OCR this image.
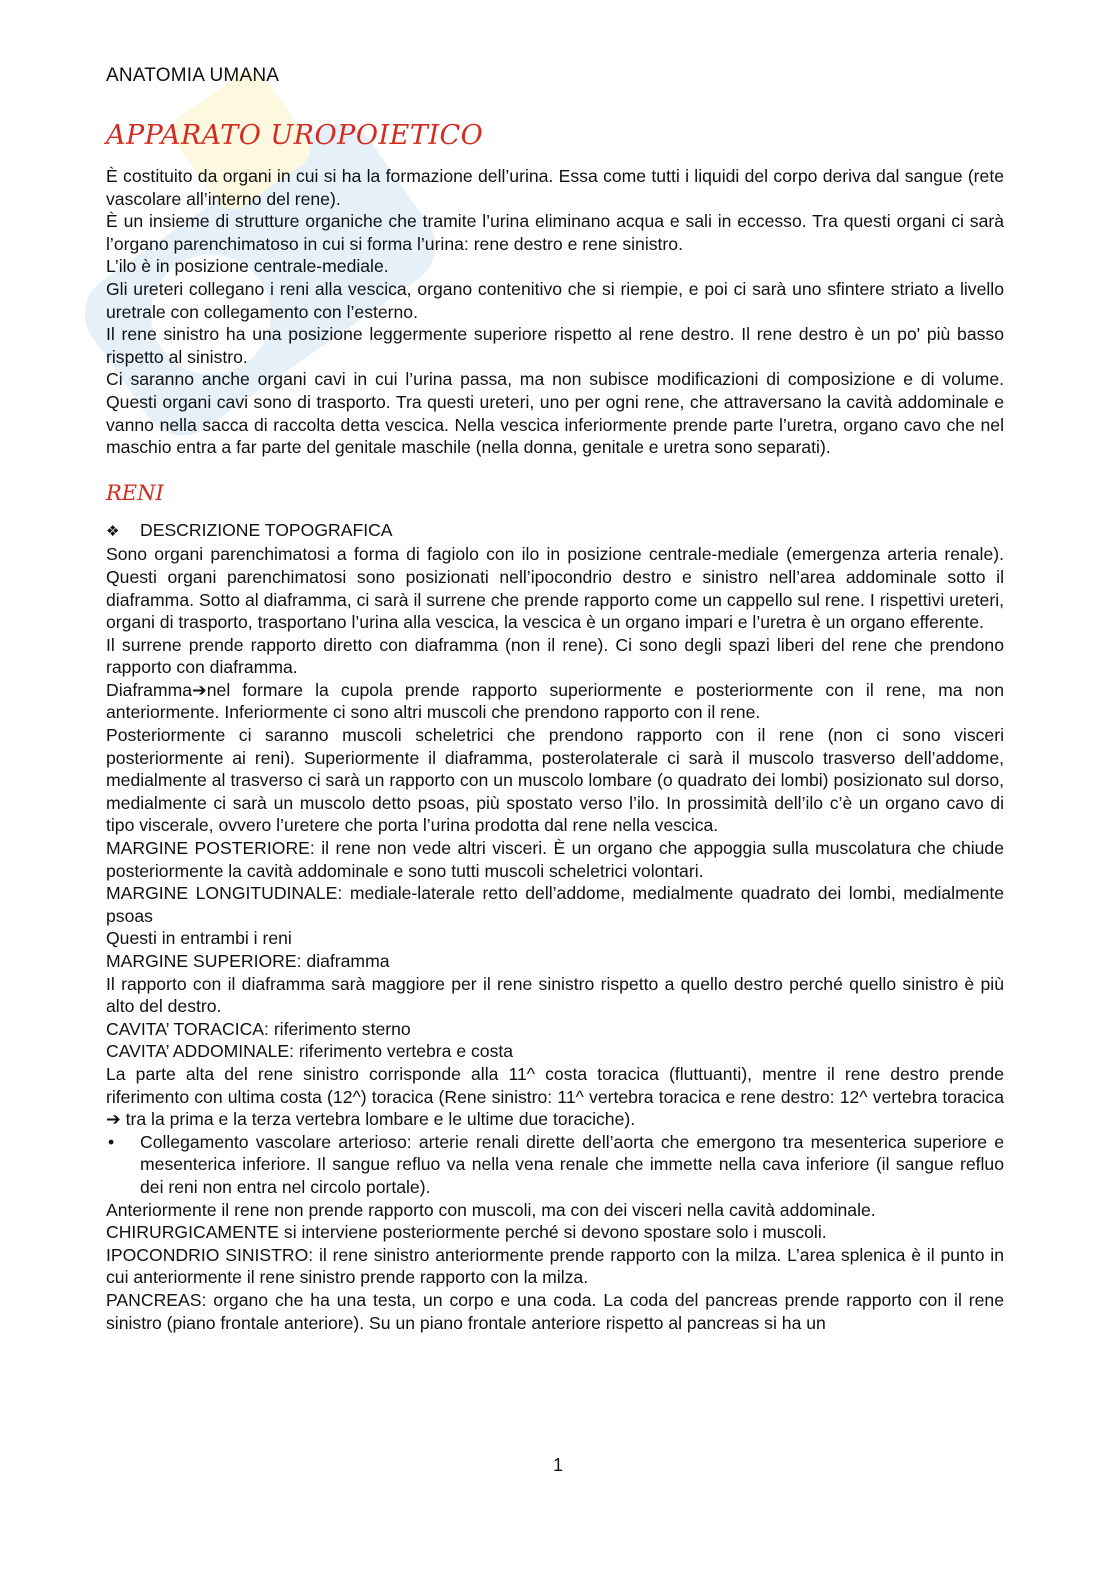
ANATOMIA UMANA
APPARATO UROPOIETICO

È costituito da organi in cui si ha la formazione dell’urina. Essa come tutti i liquidi del corpo deriva dal sangue (rete vascolare all’interno del rene).

È un insieme di strutture organiche che tramite l’urina eliminano acqua e sali in eccesso. Tra questi organi ci sarà l’organo parenchimatoso in cui si forma l’urina: rene destro e rene sinistro.

L’ilo è in posizione centrale-mediale.

Gli ureteri collegano i reni alla vescica, organo contenitivo che si riempie, e poi ci sarà uno sfintere striato a livello uretrale con collegamento con l’esterno.

Il rene sinistro ha una posizione leggermente superiore rispetto al rene destro. Il rene destro è un po' più basso rispetto al sinistro.

Ci saranno anche organi cavi in cui l’urina passa, ma non subisce modificazioni di composizione e di volume. Questi organi cavi sono di trasporto. Tra questi ureteri, uno per ogni rene, che attraversano la cavità addominale e vanno nella sacca di raccolta detta vescica. Nella vescica inferiormente prende parte l’uretra, organo cavo che nel maschio entra a far parte del genitale maschile (nella donna, genitale e uretra sono separati).

RENI
❖ DESCRIZIONE TOPOGRAFICA

Sono organi parenchimatosi a forma di fagiolo con ilo in posizione centrale-mediale (emergenza arteria renale). Questi organi parenchimatosi sono posizionati nell’ipocondrio destro e sinistro nell’area addominale sotto il diaframma. Sotto al diaframma, ci sarà il surrene che prende rapporto come un cappello sul rene. I rispettivi ureteri, organi di trasporto, trasportano l’urina alla vescica, la vescica è un organo impari e l’uretra è un organo efferente.

Il surrene prende rapporto diretto con diaframma (non il rene). Ci sono degli spazi liberi del rene che prendono rapporto con diaframma.

Diaframma➔nel formare la cupola prende rapporto superiormente e posteriormente con il rene, ma non anteriormente. Inferiormente ci sono altri muscoli che prendono rapporto con il rene.

Posteriormente ci saranno muscoli scheletrici che prendono rapporto con il rene (non ci sono visceri posteriormente ai reni). Superiormente il diaframma, posterolaterale ci sarà il muscolo trasverso dell’addome, medialmente al trasverso ci sarà un rapporto con un muscolo lombare (o quadrato dei lombi) posizionato sul dorso, medialmente ci sarà un muscolo detto psoas, più spostato verso l’ilo. In prossimità dell’ilo c’è un organo cavo di tipo viscerale, ovvero l’uretere che porta l’urina prodotta dal rene nella vescica.

MARGINE POSTERIORE: il rene non vede altri visceri. È un organo che appoggia sulla muscolatura che chiude posteriormente la cavità addominale e sono tutti muscoli scheletrici volontari.

MARGINE LONGITUDINALE: mediale-laterale retto dell’addome, medialmente quadrato dei lombi, medialmente psoas

Questi in entrambi i reni

MARGINE SUPERIORE: diaframma

Il rapporto con il diaframma sarà maggiore per il rene sinistro rispetto a quello destro perché quello sinistro è più alto del destro.

CAVITA’ TORACICA: riferimento sterno

CAVITA’ ADDOMINALE: riferimento vertebra e costa

La parte alta del rene sinistro corrisponde alla 11^ costa toracica (fluttuanti), mentre il rene destro prende riferimento con ultima costa (12^) toracica (Rene sinistro: 11^ vertebra toracica e rene destro: 12^ vertebra toracica ➔ tra la prima e la terza vertebra lombare e le ultime due toraciche).

• Collegamento vascolare arterioso: arterie renali dirette dell’aorta che emergono tra mesenterica superiore e mesenterica inferiore. Il sangue refluo va nella vena renale che immette nella cava inferiore (il sangue refluo dei reni non entra nel circolo portale).

Anteriormente il rene non prende rapporto con muscoli, ma con dei visceri nella cavità addominale.

CHIRURGICAMENTE si interviene posteriormente perché si devono spostare solo i muscoli.

IPOCONDRIO SINISTRO: il rene sinistro anteriormente prende rapporto con la milza. L’area splenica è il punto in cui anteriormente il rene sinistro prende rapporto con la milza.

PANCREAS: organo che ha una testa, un corpo e una coda. La coda del pancreas prende rapporto con il rene sinistro (piano frontale anteriore). Su un piano frontale anteriore rispetto al pancreas si ha un

1
